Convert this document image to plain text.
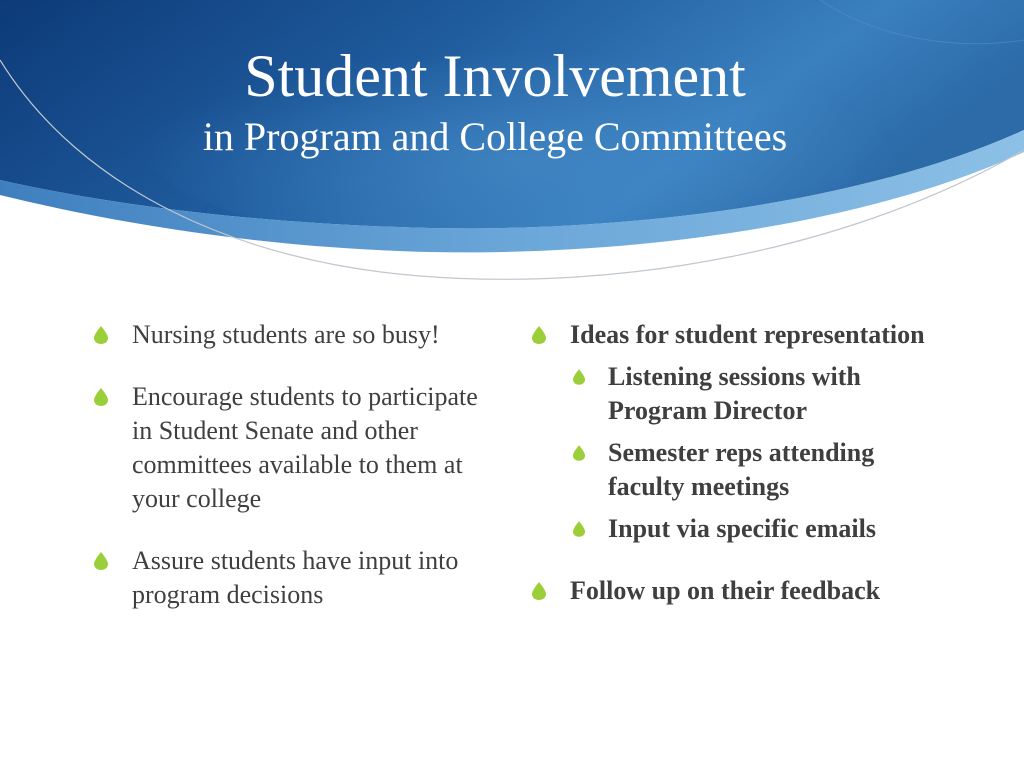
Student Involvement
in Program and College Committees
Nursing students are so busy!
Encourage students to participate in Student Senate and other committees available to them at your college
Assure students have input into program decisions
Ideas for student representation
Listening sessions with Program Director
Semester reps attending faculty meetings
Input via specific emails
Follow up on their feedback
